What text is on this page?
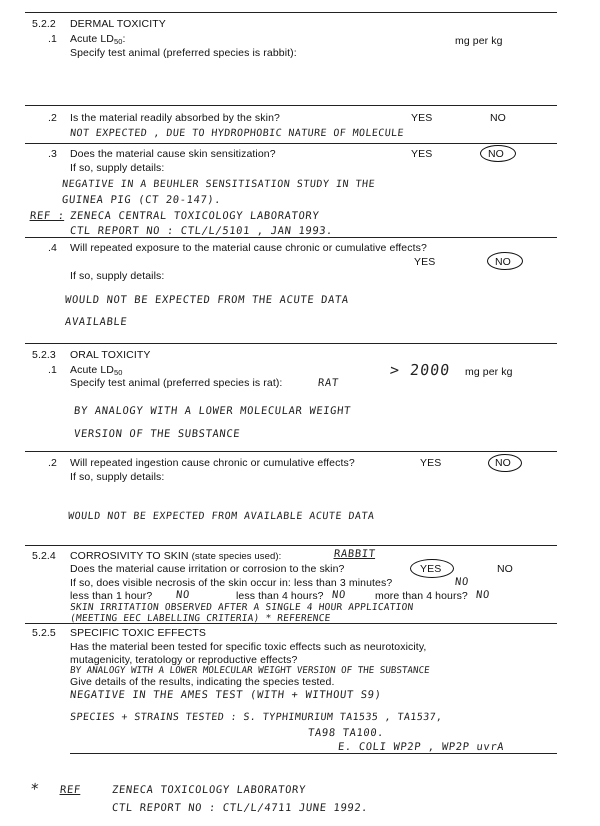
5.2.2 DERMAL TOXICITY
.1 Acute $LD_{50}$:	mg per kg
Specify test animal (preferred species is rabbit):
.2 Is the material readily absorbed by the skin?	YES	NO
NOT EXPECTED , DUE TO HYDROPHOBIC NATURE OF MOLECULE
.3 Does the material cause skin sensitization?	YES	NO
If so, supply details:
NEGATIVE IN A BEUHLER SENSITISATION STUDY IN THE
GUINEA PIG (CT 20-147).
REF : ZENECA CENTRAL TOXICOLOGY LABORATORY
CTL REPORT NO : CTL/L/5101 , JAN 1993.
.4 Will repeated exposure to the material cause chronic or cumulative effects?
YES	NO
If so, supply details:
WOULD NOT BE EXPECTED FROM THE ACUTE DATA
AVAILABLE
5.2.3 ORAL TOXICITY
.1 Acute $LD_{50}$	> 2000 mg per kg
Specify test animal (preferred species is rat):	RAT
BY ANALOGY WITH A LOWER MOLECULAR WEIGHT
VERSION OF THE SUBSTANCE
.2 Will repeated ingestion cause chronic or cumulative effects?	YES	NO
If so, supply details:
WOULD NOT BE EXPECTED FROM AVAILABLE ACUTE DATA
5.2.4 CORROSIVITY TO SKIN (state species used):	RABBIT
Does the material cause irritation or corrosion to the skin?	YES	NO
If so, does visible necrosis of the skin occur in: less than 3 minutes?	NO
less than 1 hour? NO	less than 4 hours? NO	more than 4 hours? NO
SKIN IRRITATION OBSERVED AFTER A SINGLE 4 HOUR APPLICATION
(MEETING EEC LABELLING CRITERIA) * REFERENCE
5.2.5 SPECIFIC TOXIC EFFECTS
Has the material been tested for specific toxic effects such as neurotoxicity,
mutagenicity, teratology or reproductive effects?
BY ANALOGY WITH A LOWER MOLECULAR WEIGHT VERSION OF THE SUBSTANCE
Give details of the results, indicating the species tested.
NEGATIVE IN THE AMES TEST (WITH + WITHOUT S9)
SPECIES + STRAINS TESTED : S. TYPHIMURIUM TA1535 , TA1537,
TA98 TA100.
E. COLI WP2P , WP2P uvrA
* REF	ZENECA TOXICOLOGY LABORATORY
CTL REPORT NO : CTL/L/4711 JUNE 1992.
